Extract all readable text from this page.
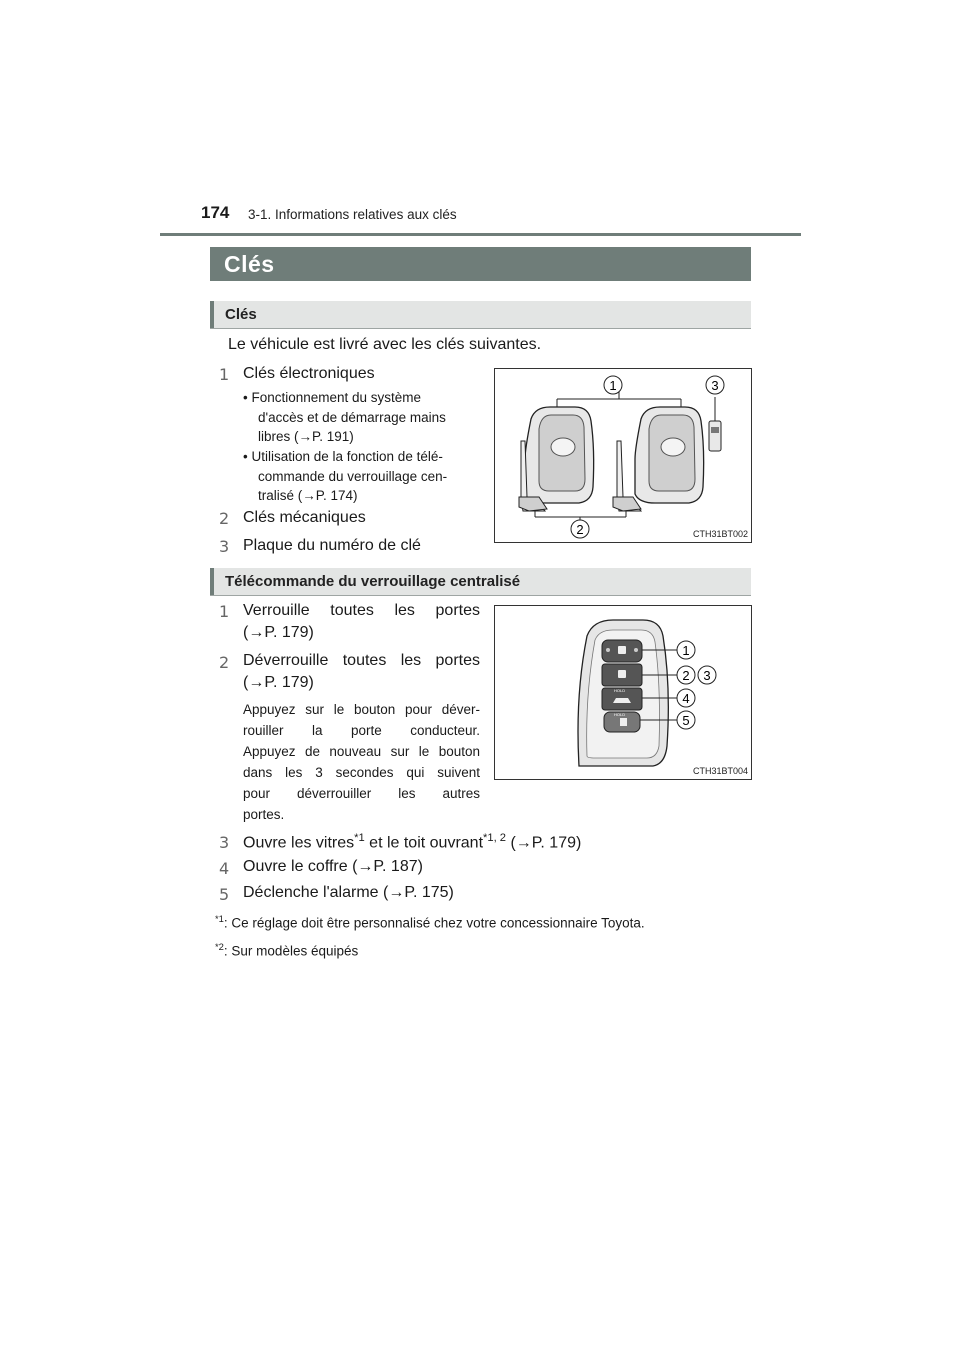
174 3-1. Informations relatives aux clés
Clés
Clés
Le véhicule est livré avec les clés suivantes.
1 Clés électroniques
• Fonctionnement du système
d'accès et de démarrage mains
libres (→P. 191)
• Utilisation de la fonction de télé-
commande du verrouillage cen-
tralisé (→P. 174)
2 Clés mécaniques
3 Plaque du numéro de clé
1	3
2	CTH31BT002
Télécommande du verrouillage centralisé
1 Verrouille toutes les portes
(→P. 179)
2 Déverrouille toutes les portes
(→P. 179)
Appuyez sur le bouton pour déver-
rouiller la porte conducteur.
Appuyez de nouveau sur le bouton
dans les 3 secondes qui suivent
pour déverrouiller les autres
portes.
HOLD
HOLD
1
2 3
4
5
CTH31BT004
3 Ouvre les vitres$^{*1}$ et le toit ouvrant$^{*1, 2}$ (→P. 179)
4 Ouvre le coffre (→P. 187)
5 Déclenche l'alarme (→P. 175)
$^{*1}$: Ce réglage doit être personnalisé chez votre concessionnaire Toyota.
$^{*2}$: Sur modèles équipés
